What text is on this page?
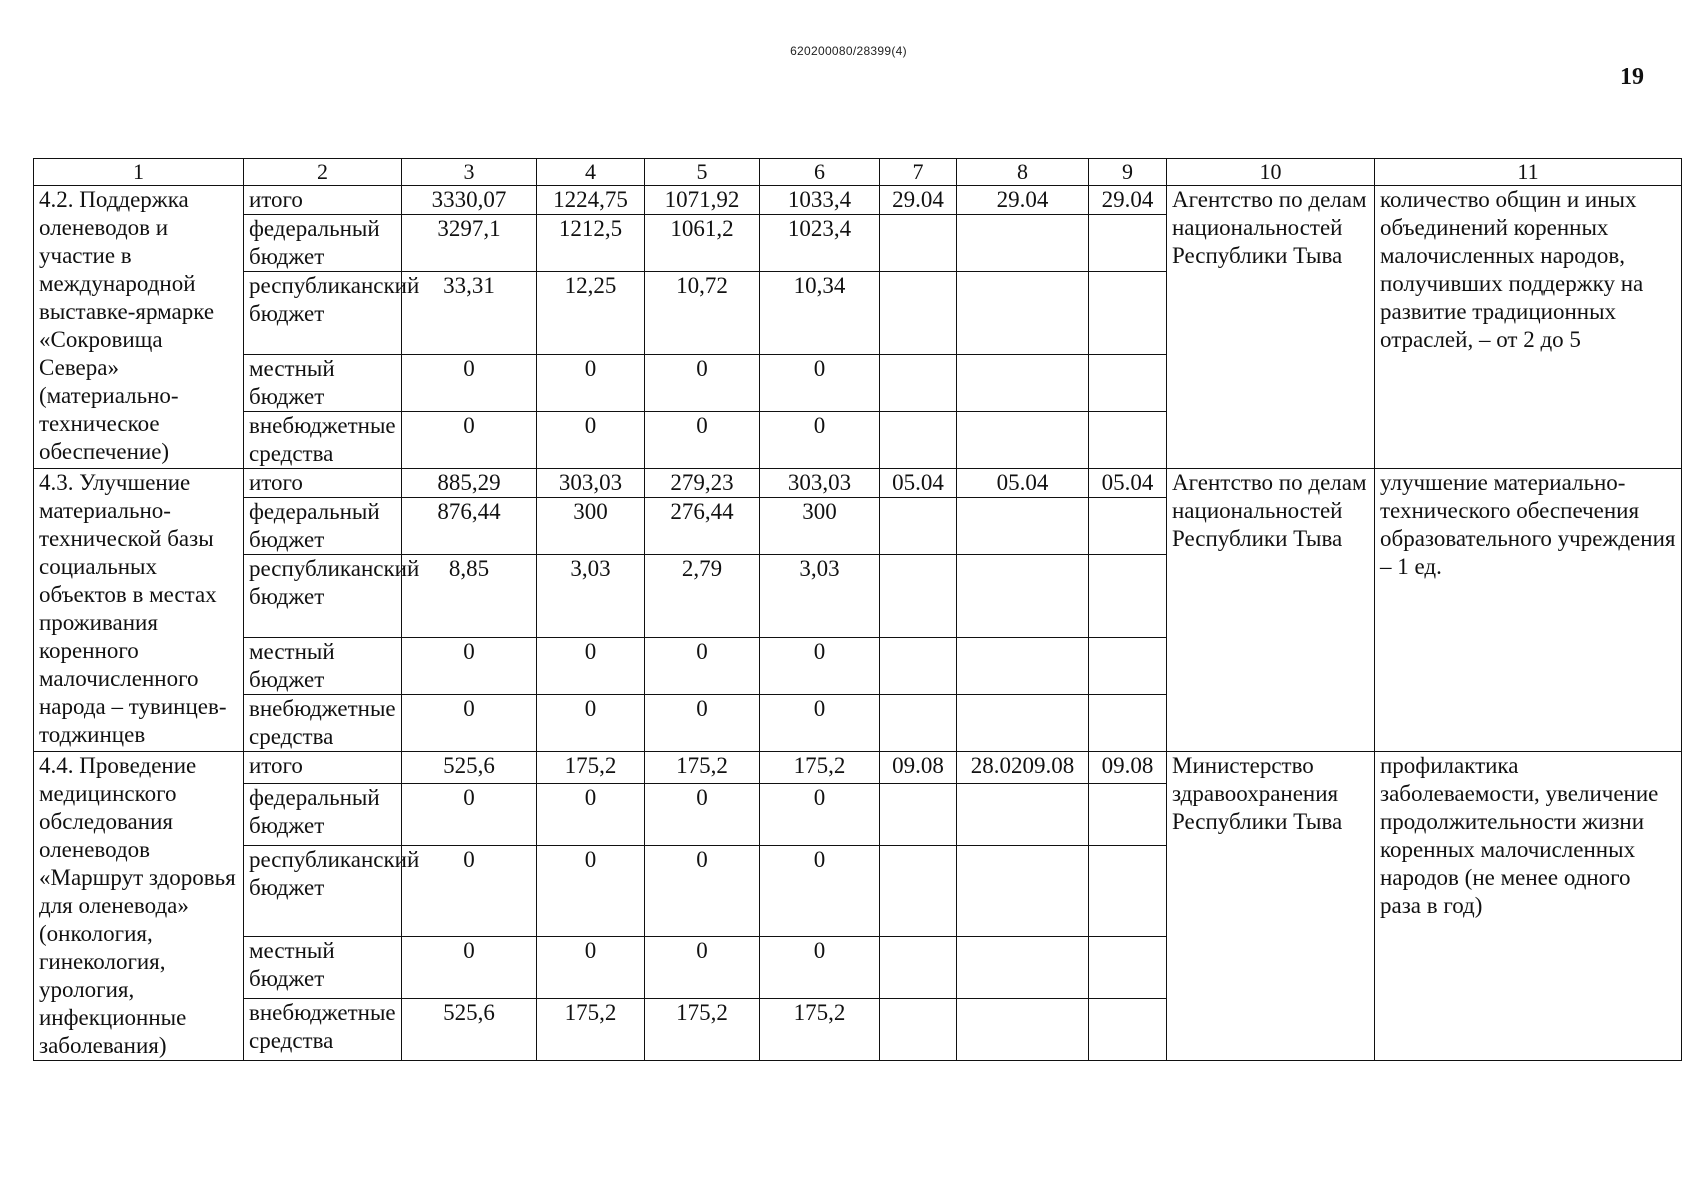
620200080/28399(4)
19
1	2	3	4	5	6	7	8	9	10	11
4.2. Поддержка оленеводов и участие в международной выставке-ярмарке «Сокровища Севера» (материально-техническое обеспечение)	итого	3330,07	1224,75	1071,92	1033,4	29.04	29.04	29.04	Агентство по делам национальностей Республики Тыва	количество общин и иных объединений коренных малочисленных народов, получивших поддержку на развитие традиционных отраслей, – от 2 до 5
	федеральный бюджет	3297,1	1212,5	1061,2	1023,4					
	республиканский бюджет	33,31	12,25	10,72	10,34					
	местный бюджет	0	0	0	0					
	внебюджетные средства	0	0	0	0					
4.3. Улучшение материально-технической базы социальных объектов в местах проживания коренного малочисленного народа – тувинцев-тоджинцев	итого	885,29	303,03	279,23	303,03	05.04	05.04	05.04	Агентство по делам национальностей Республики Тыва	улучшение материально-технического обеспечения образовательного учреждения – 1 ед.
	федеральный бюджет	876,44	300	276,44	300					
	республиканский бюджет	8,85	3,03	2,79	3,03					
	местный бюджет	0	0	0	0					
	внебюджетные средства	0	0	0	0					
4.4. Проведение медицинского обследования оленеводов «Маршрут здоровья для оленевода» (онкология, гинекология, урология, инфекционные заболевания)	итого	525,6	175,2	175,2	175,2	09.08	28.0209.08	09.08	Министерство здравоохранения Республики Тыва	профилактика заболеваемости, увеличение продолжительности жизни коренных малочисленных народов (не менее одного раза в год)
	федеральный бюджет	0	0	0	0					
	республиканский бюджет	0	0	0	0					
	местный бюджет	0	0	0	0					
	внебюджетные средства	525,6	175,2	175,2	175,2					
